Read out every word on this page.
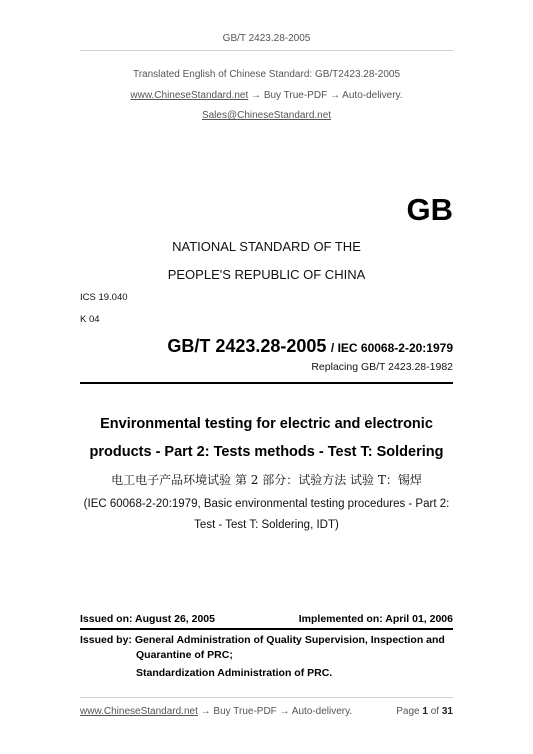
GB/T 2423.28-2005
Translated English of Chinese Standard: GB/T2423.28-2005
www.ChineseStandard.net → Buy True-PDF → Auto-delivery.
Sales@ChineseStandard.net
GB
NATIONAL STANDARD OF THE
PEOPLE'S REPUBLIC OF CHINA
ICS 19.040
K 04
GB/T 2423.28-2005 / IEC 60068-2-20:1979
Replacing GB/T 2423.28-1982
Environmental testing for electric and electronic
products - Part 2: Tests methods - Test T: Soldering
电工电子产品环境试验 第 2 部分：试验方法 试验 T：锡焊
(IEC 60068-2-20:1979, Basic environmental testing procedures - Part 2:
Test - Test T: Soldering, IDT)
Issued on: August 26, 2005	Implemented on: April 01, 2006
Issued by: General Administration of Quality Supervision, Inspection and
Quarantine of PRC;
Standardization Administration of PRC.
www.ChineseStandard.net → Buy True-PDF → Auto-delivery.	Page 1 of 31
